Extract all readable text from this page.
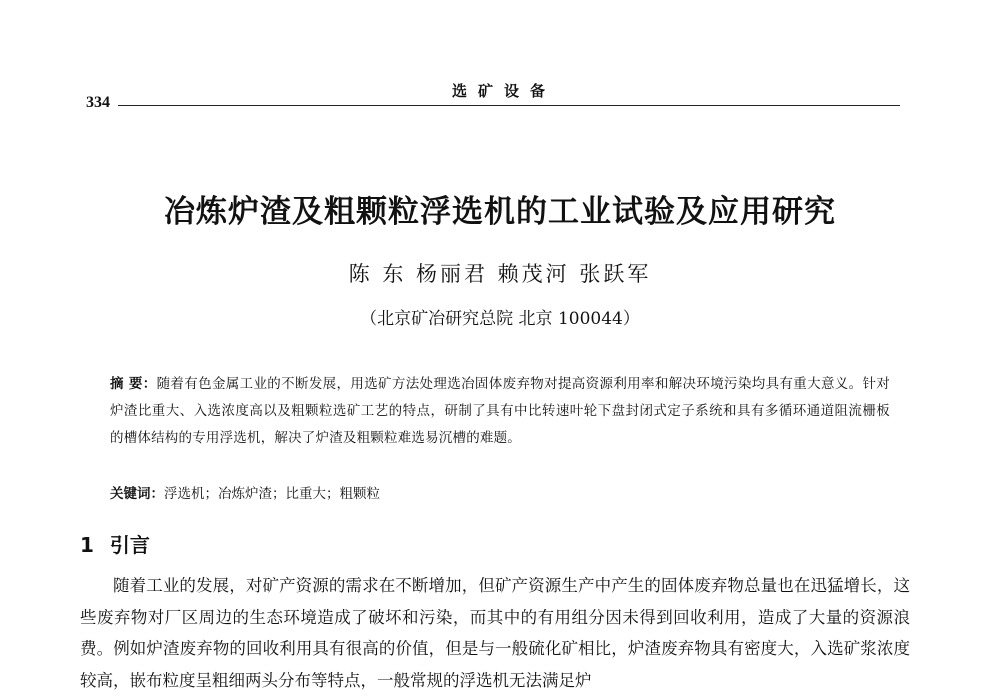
334
选矿设备
冶炼炉渣及粗颗粒浮选机的工业试验及应用研究
陈 东 杨丽君 赖茂河 张跃军
（北京矿冶研究总院 北京 100044）
摘 要：随着有色金属工业的不断发展，用选矿方法处理选冶固体废弃物对提高资源利用率和解决环境污染均具有重大意义。针对炉渣比重大、入选浓度高以及粗颗粒选矿工艺的特点，研制了具有中比转速叶轮下盘封闭式定子系统和具有多循环通道阻流栅板的槽体结构的专用浮选机，解决了炉渣及粗颗粒难选易沉槽的难题。
关键词：浮选机；冶炼炉渣；比重大；粗颗粒
1 引言
随着工业的发展，对矿产资源的需求在不断增加，但矿产资源生产中产生的固体废弃物总量也在迅猛增长，这些废弃物对厂区周边的生态环境造成了破坏和污染，而其中的有用组分因未得到回收利用，造成了大量的资源浪费。例如炉渣废弃物的回收利用具有很高的价值，但是与一般硫化矿相比，炉渣废弃物具有密度大，入选矿浆浓度较高，嵌布粒度呈粗细两头分布等特点，一般常规的浮选机无法满足炉
